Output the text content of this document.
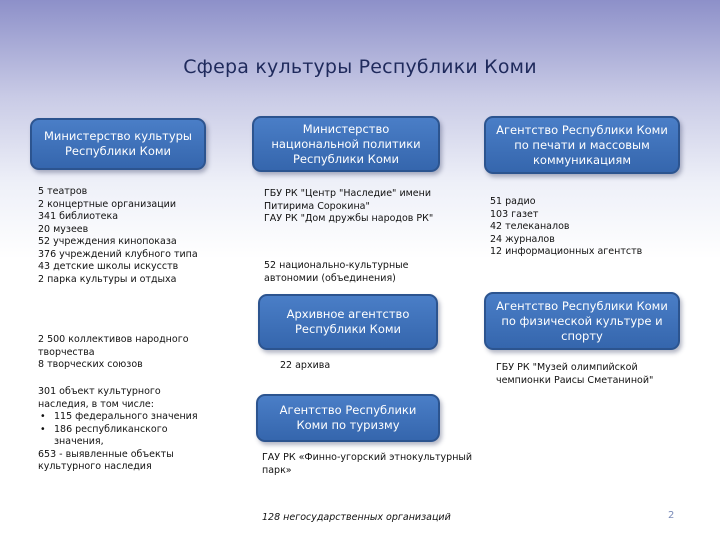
Сфера культуры Республики Коми
Министерство культуры Республики Коми
5 театров
2 концертные организации
341 библиотека
20 музеев
52 учреждения кинопоказа
376 учреждений клубного типа
43 детские школы искусств
2 парка культуры и отдыха
2 500 коллективов народного творчества
8 творческих союзов
301 объект культурного наследия, в том числе:
• 115 федерального значения
• 186 республиканского значения,
653 - выявленные объекты культурного наследия
Министерство национальной политики Республики Коми
ГБУ РК "Центр "Наследие" имени Питирима Сорокина"
ГАУ РК "Дом дружбы народов РК"
52 национально-культурные автономии (объединения)
Архивное агентство Республики Коми
22 архива
Агентство Республики Коми по туризму
ГАУ РК «Финно-угорский этнокультурный парк»
128 негосударственных организаций
Агентство Республики Коми по печати и массовым коммуникациям
51 радио
103 газет
42 телеканалов
24 журналов
12 информационных агентств
Агентство Республики Коми по физической культуре и спорту
ГБУ РК "Музей олимпийской чемпионки Раисы Сметаниной"
2
